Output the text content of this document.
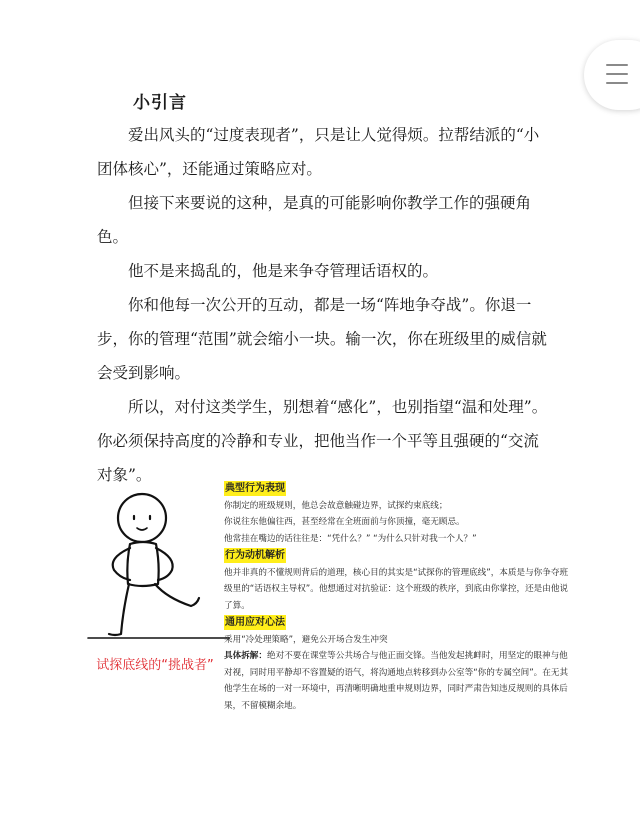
小引言

爱出风头的“过度表现者”，只是让人觉得烦。拉帮结派的“小团体核心”，还能通过策略应对。

但接下来要说的这种，是真的可能影响你教学工作的强硬角色。

他不是来捣乱的，他是来争夺管理话语权的。

你和他每一次公开的互动，都是一场“阵地争夺战”。你退一步，你的管理“范围”就会缩小一块。输一次，你在班级里的威信就会受到影响。

所以，对付这类学生，别想着“感化”，也别指望“温和处理”。你必须保持高度的冷静和专业，把他当作一个平等且强硬的“交流对象”。

试探底线的“挑战者”
典型行为表现

你制定的班级规则，他总会故意触碰边界，试探约束底线；

你说往东他偏往西，甚至经常在全班面前与你顶撞，毫无顾忌。

他常挂在嘴边的话往往是：“凭什么？” “为什么只针对我一个人？”

行为动机解析

他并非真的不懂规则背后的道理，核心目的其实是“试探你的管理底线”，本质是与你争夺班级里的“话语权主导权”。他想通过对抗验证：这个班级的秩序，到底由你掌控，还是由他说了算。

通用应对心法

采用“冷处理策略”，避免公开场合发生冲突

具体拆解：绝对不要在课堂等公共场合与他正面交锋。当他发起挑衅时，用坚定的眼神与他对视，同时用平静却不容置疑的语气，将沟通地点转移到办公室等“你的专属空间”。在无其他学生在场的一对一环境中，再清晰明确地重申规则边界，同时严肃告知违反规则的具体后果，不留模糊余地。
